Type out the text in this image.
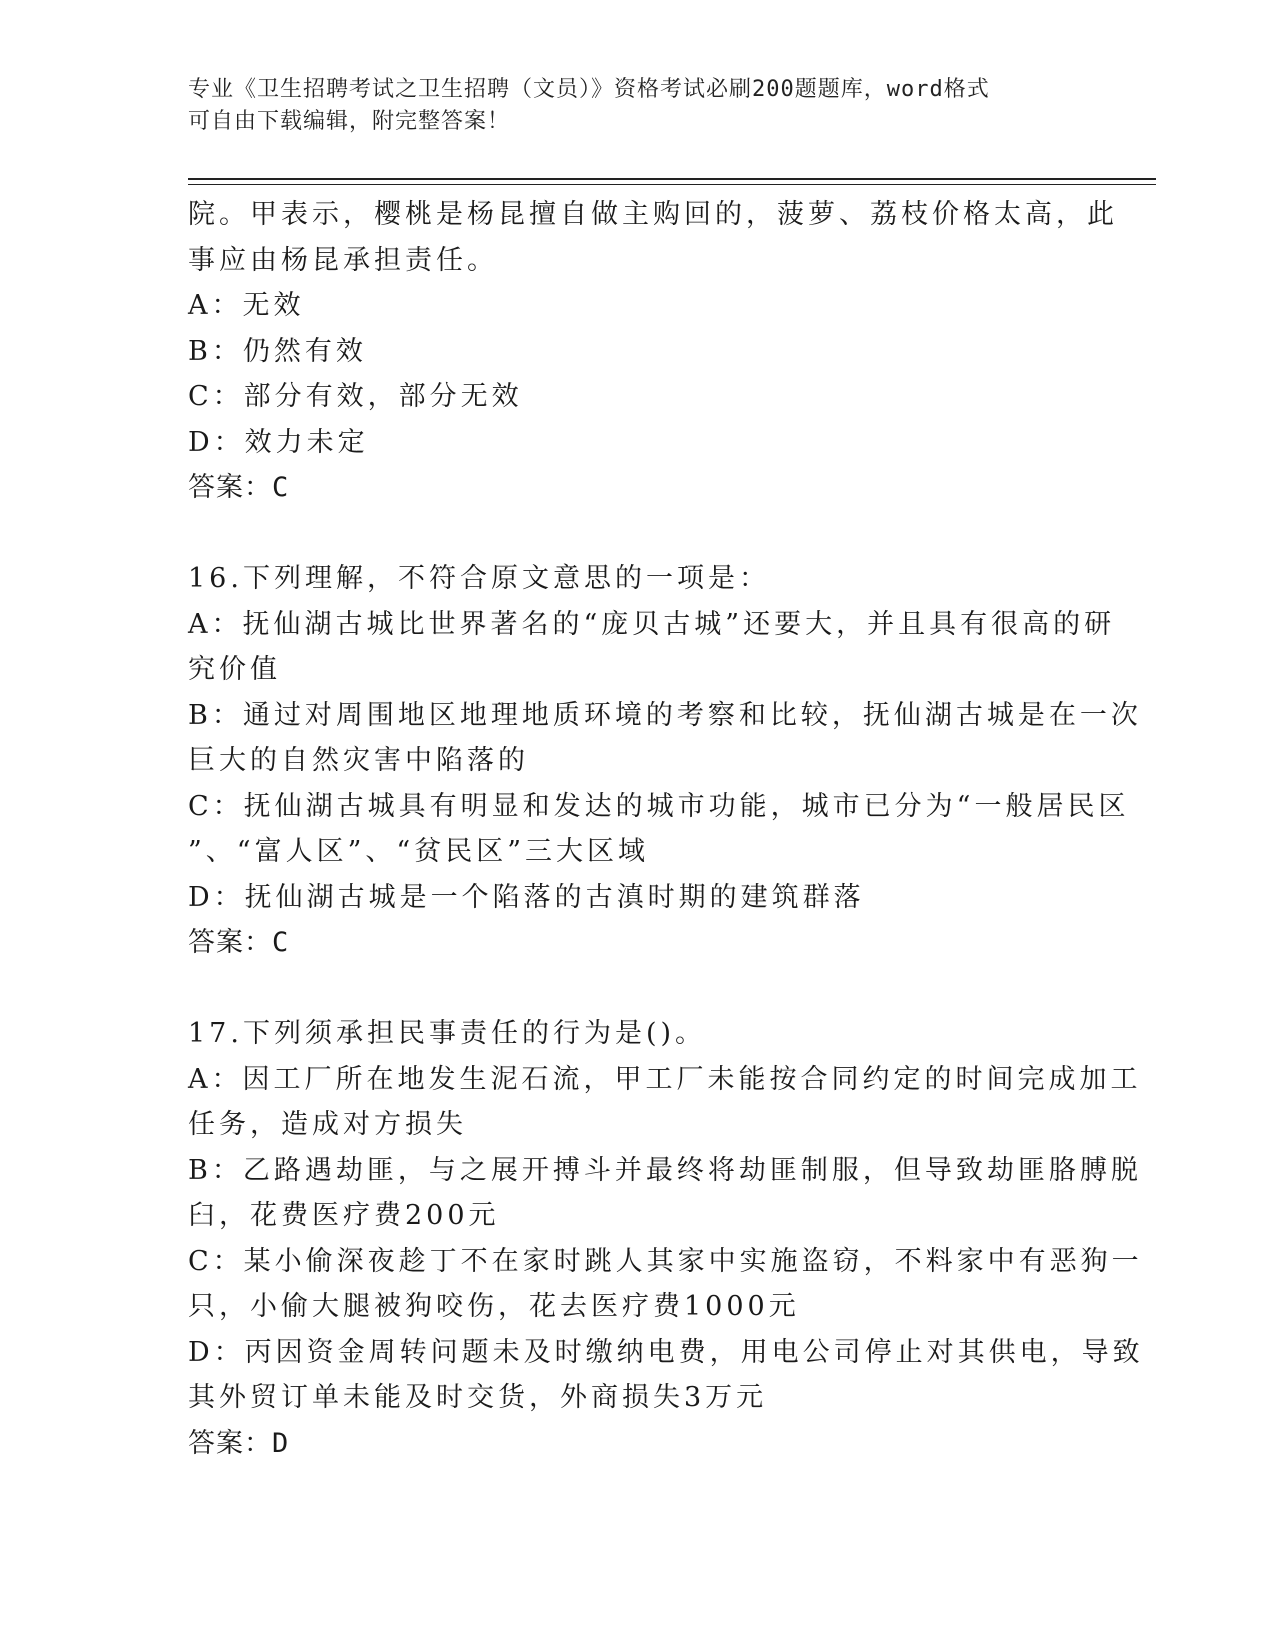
专业《卫生招聘考试之卫生招聘（文员）》资格考试必刷200题题库，word格式
可自由下载编辑，附完整答案！
院。甲表示，樱桃是杨昆擅自做主购回的，菠萝、荔枝价格太高，此
事应由杨昆承担责任。
A：无效
B：仍然有效
C：部分有效，部分无效
D：效力未定
答案：C
16.下列理解，不符合原文意思的一项是：
A：抚仙湖古城比世界著名的“庞贝古城”还要大，并且具有很高的研
究价值
B：通过对周围地区地理地质环境的考察和比较，抚仙湖古城是在一次
巨大的自然灾害中陷落的
C：抚仙湖古城具有明显和发达的城市功能，城市已分为“一般居民区
”、“富人区”、“贫民区”三大区域
D：抚仙湖古城是一个陷落的古滇时期的建筑群落
答案：C
17.下列须承担民事责任的行为是()。
A：因工厂所在地发生泥石流，甲工厂未能按合同约定的时间完成加工
任务，造成对方损失
B：乙路遇劫匪，与之展开搏斗并最终将劫匪制服，但导致劫匪胳膊脱
臼，花费医疗费200元
C：某小偷深夜趁丁不在家时跳人其家中实施盗窃，不料家中有恶狗一
只，小偷大腿被狗咬伤，花去医疗费1000元
D：丙因资金周转问题未及时缴纳电费，用电公司停止对其供电，导致
其外贸订单未能及时交货，外商损失3万元
答案：D
